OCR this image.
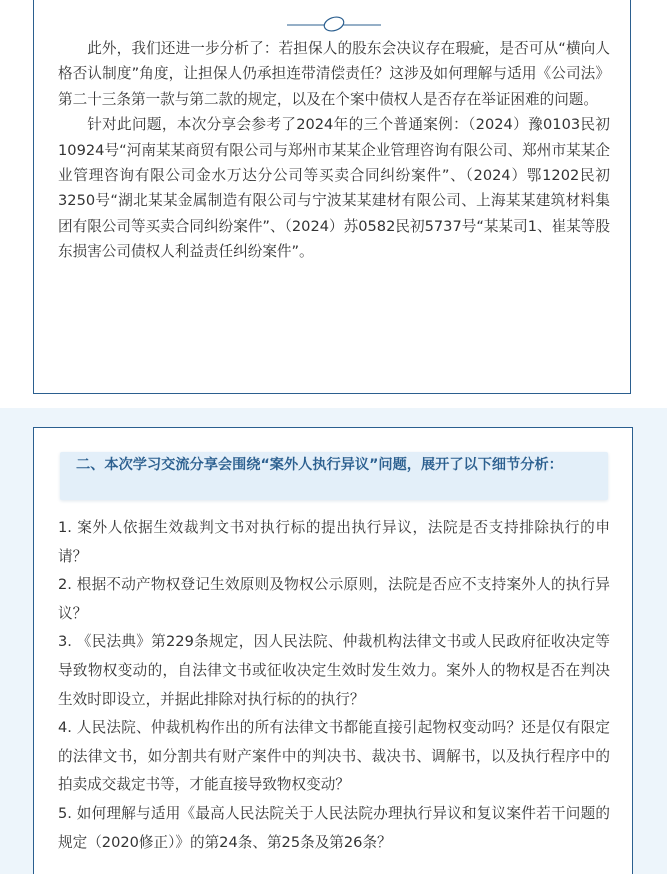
此外，我们还进一步分析了：若担保人的股东会决议存在瑕疵，是否可从“横向人格否认制度”角度，让担保人仍承担连带清偿责任？这涉及如何理解与适用《公司法》第二十三条第一款与第二款的规定，以及在个案中债权人是否存在举证困难的问题。

针对此问题，本次分享会参考了2024年的三个普通案例：（2024）豫0103民初10924号“河南某某商贸有限公司与郑州市某某企业管理咨询有限公司、郑州市某某企业管理咨询有限公司金水万达分公司等买卖合同纠纷案件”、（2024）鄂1202民初3250号“湖北某某金属制造有限公司与宁波某某建材有限公司、上海某某建筑材料集团有限公司等买卖合同纠纷案件”、（2024）苏0582民初5737号“某某司1、崔某等股东损害公司债权人利益责任纠纷案件”。

二、本次学习交流分享会围绕“案外人执行异议”问题，展开了以下细节分析：

1. 案外人依据生效裁判文书对执行标的提出执行异议，法院是否支持排除执行的申请？

2. 根据不动产物权登记生效原则及物权公示原则，法院是否应不支持案外人的执行异议？

3. 《民法典》第229条规定，因人民法院、仲裁机构法律文书或人民政府征收决定等导致物权变动的，自法律文书或征收决定生效时发生效力。案外人的物权是否在判决生效时即设立，并据此排除对执行标的的执行？

4. 人民法院、仲裁机构作出的所有法律文书都能直接引起物权变动吗？还是仅有限定的法律文书，如分割共有财产案件中的判决书、裁决书、调解书，以及执行程序中的拍卖成交裁定书等，才能直接导致物权变动？

5. 如何理解与适用《最高人民法院关于人民法院办理执行异议和复议案件若干问题的规定（2020修正）》的第24条、第25条及第26条？
